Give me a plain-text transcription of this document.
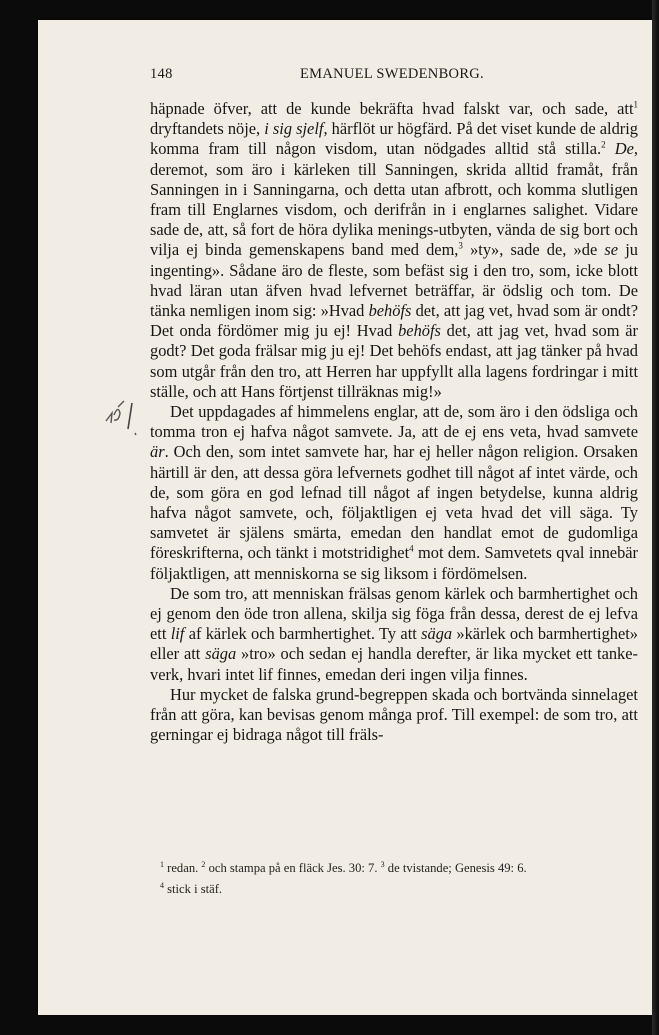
148	EMANUEL SWEDENBORG.

häpnade öfver, att de kunde bekräfta hvad falskt var, och sade, att$^1$ dryftandets nöje, i sig sjelf, härflöt ur högfärd. På det viset kunde de aldrig komma fram till någon visdom, utan nödgades alltid stå stilla.$^2$ De, deremot, som äro i kärleken till Sanningen, skrida alltid framåt, från Sanningen in i Sanningarna, och detta utan afbrott, och komma slutligen fram till Englarnes visdom, och derifrån in i englarnes salighet. Vidare sade de, att, så fort de höra dylika menings-utbyten, vända de sig bort och vilja ej binda gemenskapens band med dem,$^3$ »ty», sade de, »de se ju ingenting». Sådane äro de fleste, som befäst sig i den tro, som, icke blott hvad läran utan äfven hvad lefvernet beträffar, är ödslig och tom. De tänka nemligen inom sig: »Hvad behöfs det, att jag vet, hvad som är ondt? Det onda fördömer mig ju ej! Hvad behöfs det, att jag vet, hvad som är godt? Det goda frälsar mig ju ej! Det behöfs endast, att jag tänker på hvad som utgår från den tro, att Herren har uppfyllt alla lagens fordringar i mitt ställe, och att Hans förtjenst tillräknas mig!»

Det uppdagades af himmelens englar, att de, som äro i den ödsliga och tomma tron ej hafva något samvete. Ja, att de ej ens veta, hvad samvete är. Och den, som intet samvete har, har ej heller någon religion. Orsaken härtill är den, att dessa göra lefvernets godhet till något af intet värde, och de, som göra en god lefnad till något af ingen betydelse, kunna aldrig hafva något samvete, och, följaktligen ej veta hvad det vill säga. Ty samvetet är själens smärta, emedan den handlat emot de gudomliga föreskrifterna, och tänkt i motstridighet$^4$ mot dem. Samvetets qval innebär följaktligen, att menniskorna se sig liksom i fördömelsen.

De som tro, att menniskan frälsas genom kärlek och barmhertighet och ej genom den öde tron allena, skilja sig föga från dessa, derest de ej lefva ett lif af kärlek och barmhertighet. Ty att säga »kärlek och barmhertighet» eller att säga »tro» och sedan ej handla derefter, är lika mycket ett tanke-verk, hvari intet lif finnes, emedan deri ingen vilja finnes.

Hur mycket de falska grund-begreppen skada och bortvända sinnelaget från att göra, kan bevisas genom många prof. Till exempel: de som tro, att gerningar ej bidraga något till fräls-

$^1$ redan. $^2$ och stampa på en fläck Jes. 30: 7. $^3$ de tvistande; Genesis 49: 6.
$^4$ stick i stäf.
